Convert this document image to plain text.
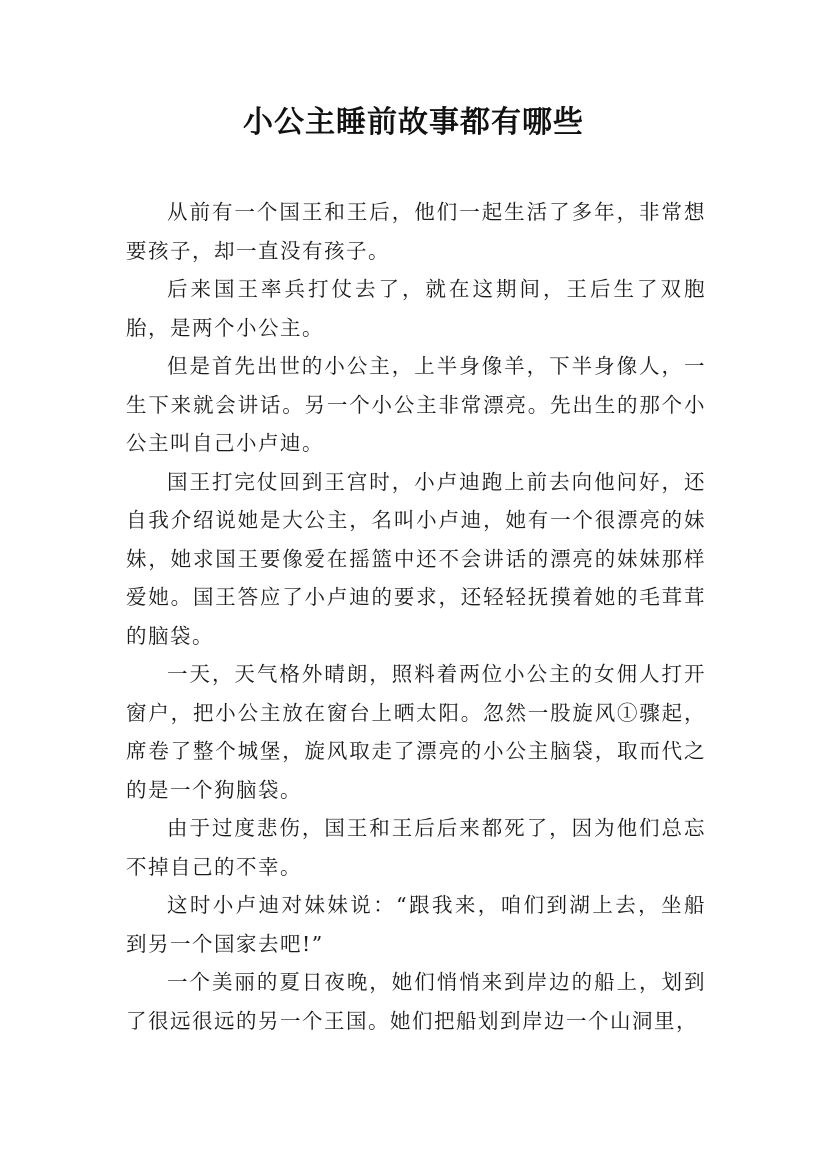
小公主睡前故事都有哪些

从前有一个国王和王后，他们一起生活了多年，非常想要孩子，却一直没有孩子。

后来国王率兵打仗去了，就在这期间，王后生了双胞胎，是两个小公主。

但是首先出世的小公主，上半身像羊，下半身像人，一生下来就会讲话。另一个小公主非常漂亮。先出生的那个小公主叫自己小卢迪。

国王打完仗回到王宫时，小卢迪跑上前去向他问好，还自我介绍说她是大公主，名叫小卢迪，她有一个很漂亮的妹妹，她求国王要像爱在摇篮中还不会讲话的漂亮的妹妹那样爱她。国王答应了小卢迪的要求，还轻轻抚摸着她的毛茸茸的脑袋。

一天，天气格外晴朗，照料着两位小公主的女佣人打开窗户，把小公主放在窗台上晒太阳。忽然一股旋风①骤起，席卷了整个城堡，旋风取走了漂亮的小公主脑袋，取而代之的是一个狗脑袋。

由于过度悲伤，国王和王后后来都死了，因为他们总忘不掉自己的不幸。

这时小卢迪对妹妹说：“跟我来，咱们到湖上去，坐船到另一个国家去吧!”

一个美丽的夏日夜晚，她们悄悄来到岸边的船上，划到了很远很远的另一个王国。她们把船划到岸边一个山洞里，
